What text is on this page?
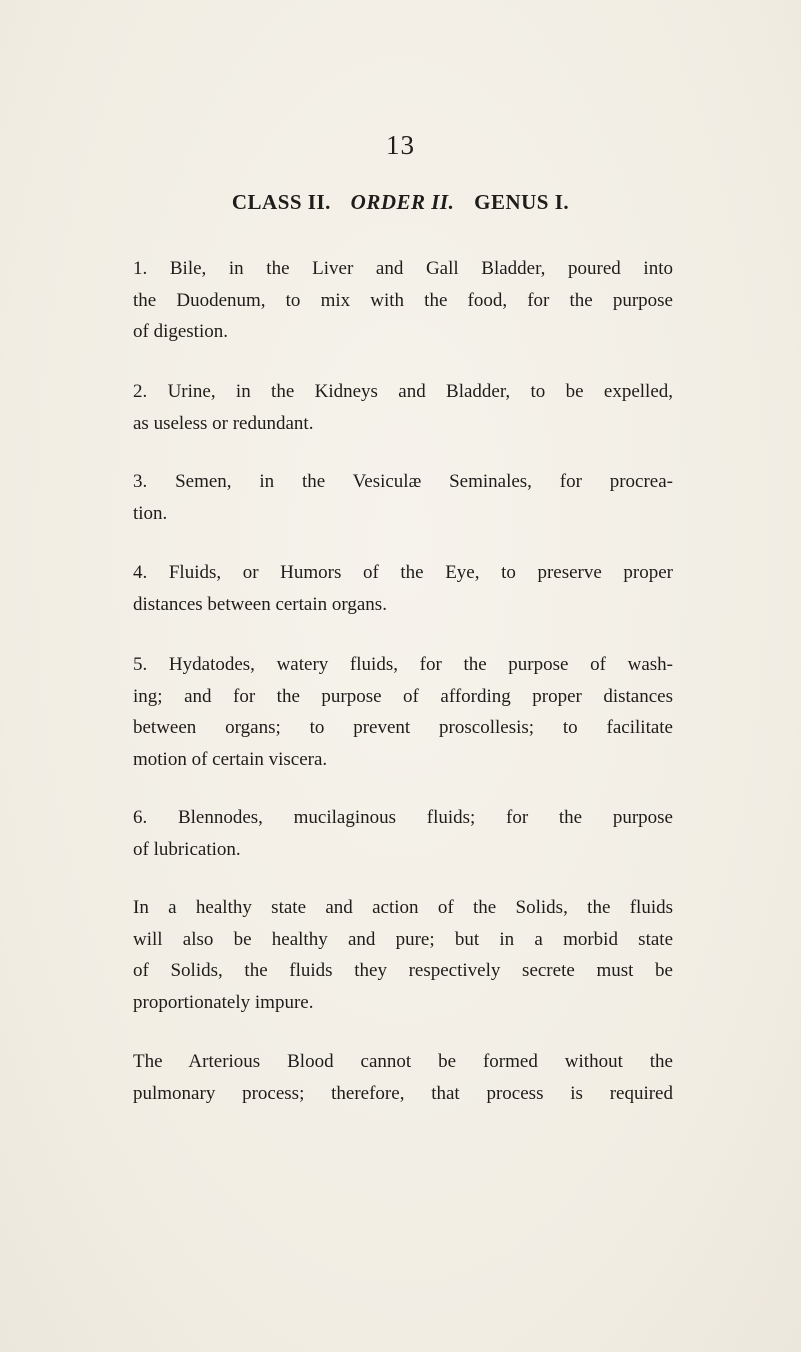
13
CLASS II. ORDER II. GENUS I.
1. Bile, in the Liver and Gall Bladder, poured into
the Duodenum, to mix with the food, for the purpose
of digestion.
2. Urine, in the Kidneys and Bladder, to be expelled,
as useless or redundant.
3. Semen, in the Vesiculæ Seminales, for procrea-
tion.
4. Fluids, or Humors of the Eye, to preserve proper
distances between certain organs.
5. Hydatodes, watery fluids, for the purpose of wash-
ing; and for the purpose of affording proper distances
between organs; to prevent proscollesis; to facilitate
motion of certain viscera.
6. Blennodes, mucilaginous fluids; for the purpose
of lubrication.
In a healthy state and action of the Solids, the fluids
will also be healthy and pure; but in a morbid state
of Solids, the fluids they respectively secrete must be
proportionately impure.
The Arterious Blood cannot be formed without the
pulmonary process; therefore, that process is required
